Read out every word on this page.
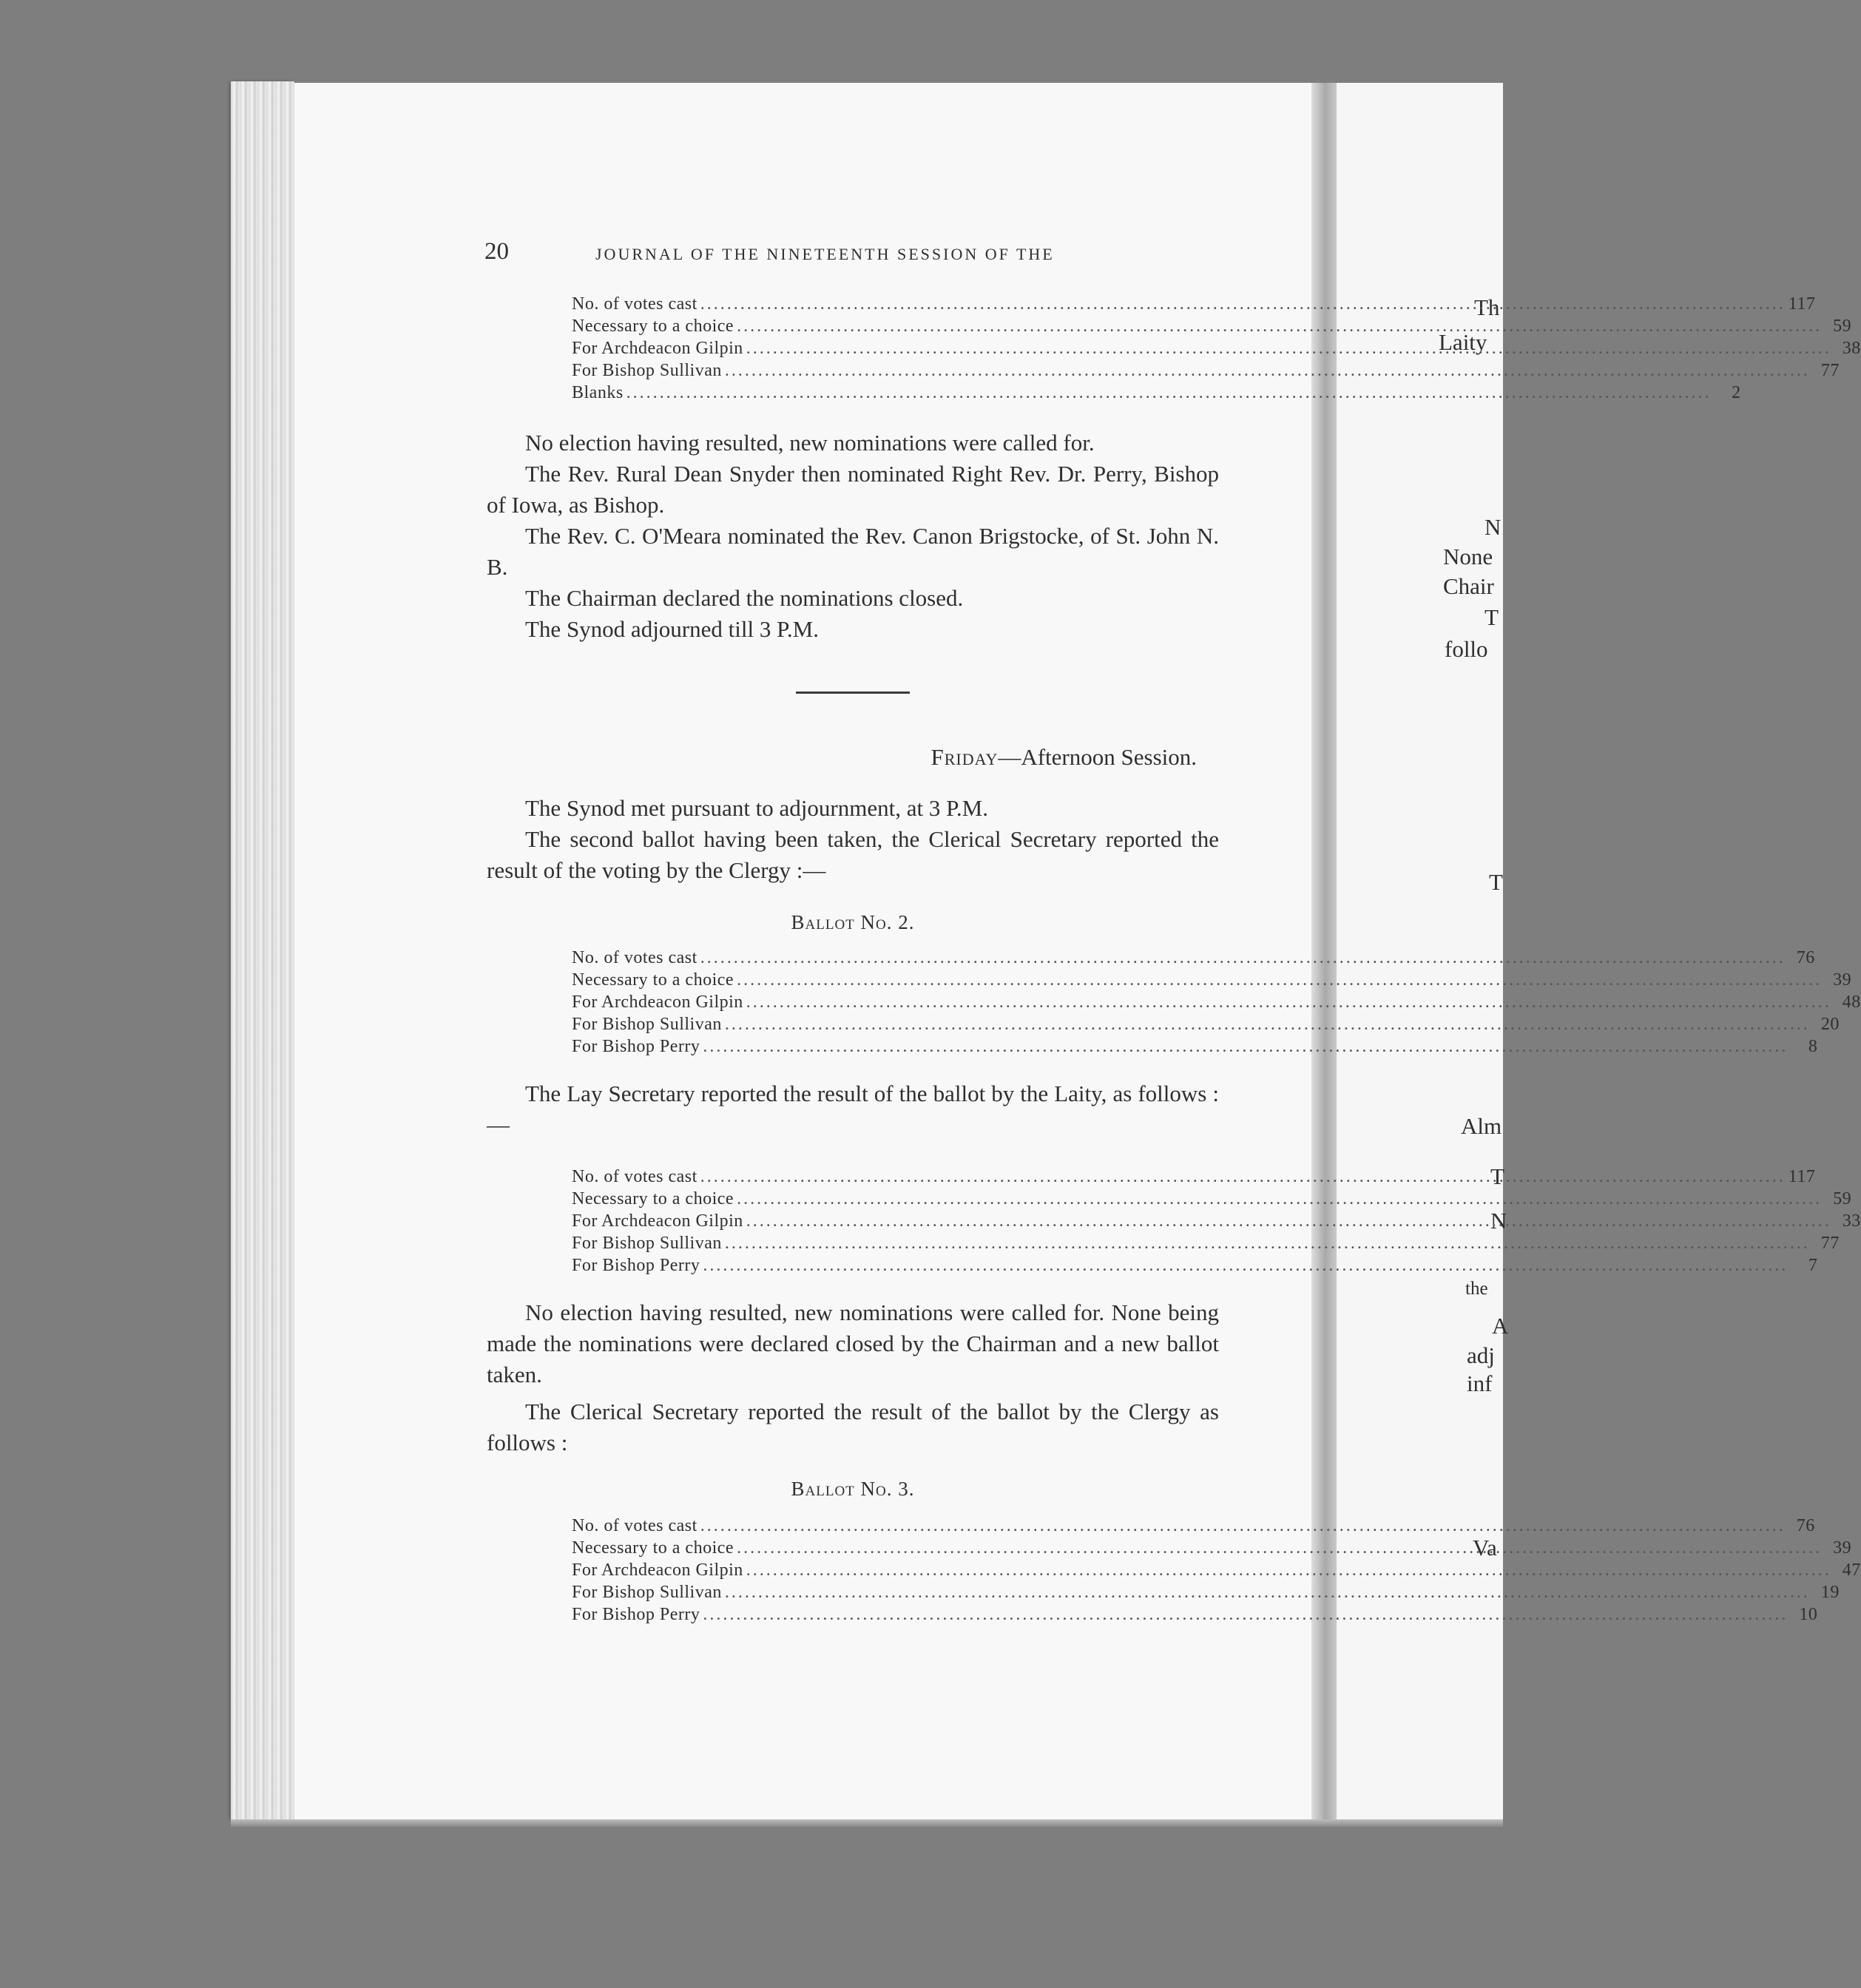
Th
Laity
N
None
Chair
T
follo
T
Alm
T
N
the
A
adj
inf
Va
20	JOURNAL OF THE NINETEENTH SESSION OF THE
No. of votes cast .....	117
Necessary to a choice .....	59
For Archdeacon Gilpin .....	38
For Bishop Sullivan .....	77
Blanks .....	2
No election having resulted, new nominations were called for.
The Rev. Rural Dean Snyder then nominated Right Rev. Dr. Perry, Bishop of Iowa, as Bishop.
The Rev. C. O'Meara nominated the Rev. Canon Brigstocke, of St. John N. B.
The Chairman declared the nominations closed.
The Synod adjourned till 3 P.M.
Friday—Afternoon Session.
The Synod met pursuant to adjournment, at 3 P.M.
The second ballot having been taken, the Clerical Secretary reported the result of the voting by the Clergy :—
Ballot No. 2.
No. of votes cast .....	76
Necessary to a choice .....	39
For Archdeacon Gilpin .....	48
For Bishop Sullivan .....	20
For Bishop Perry .....	8
The Lay Secretary reported the result of the ballot by the Laity, as follows :—
No. of votes cast .....	117
Necessary to a choice .....	59
For Archdeacon Gilpin .....	33
For Bishop Sullivan .....	77
For Bishop Perry .....	7
No election having resulted, new nominations were called for. None being made the nominations were declared closed by the Chairman and a new ballot taken.
The Clerical Secretary reported the result of the ballot by the Clergy as follows :
Ballot No. 3.
No. of votes cast .....	76
Necessary to a choice .....	39
For Archdeacon Gilpin .....	47
For Bishop Sullivan .....	19
For Bishop Perry .....	10
